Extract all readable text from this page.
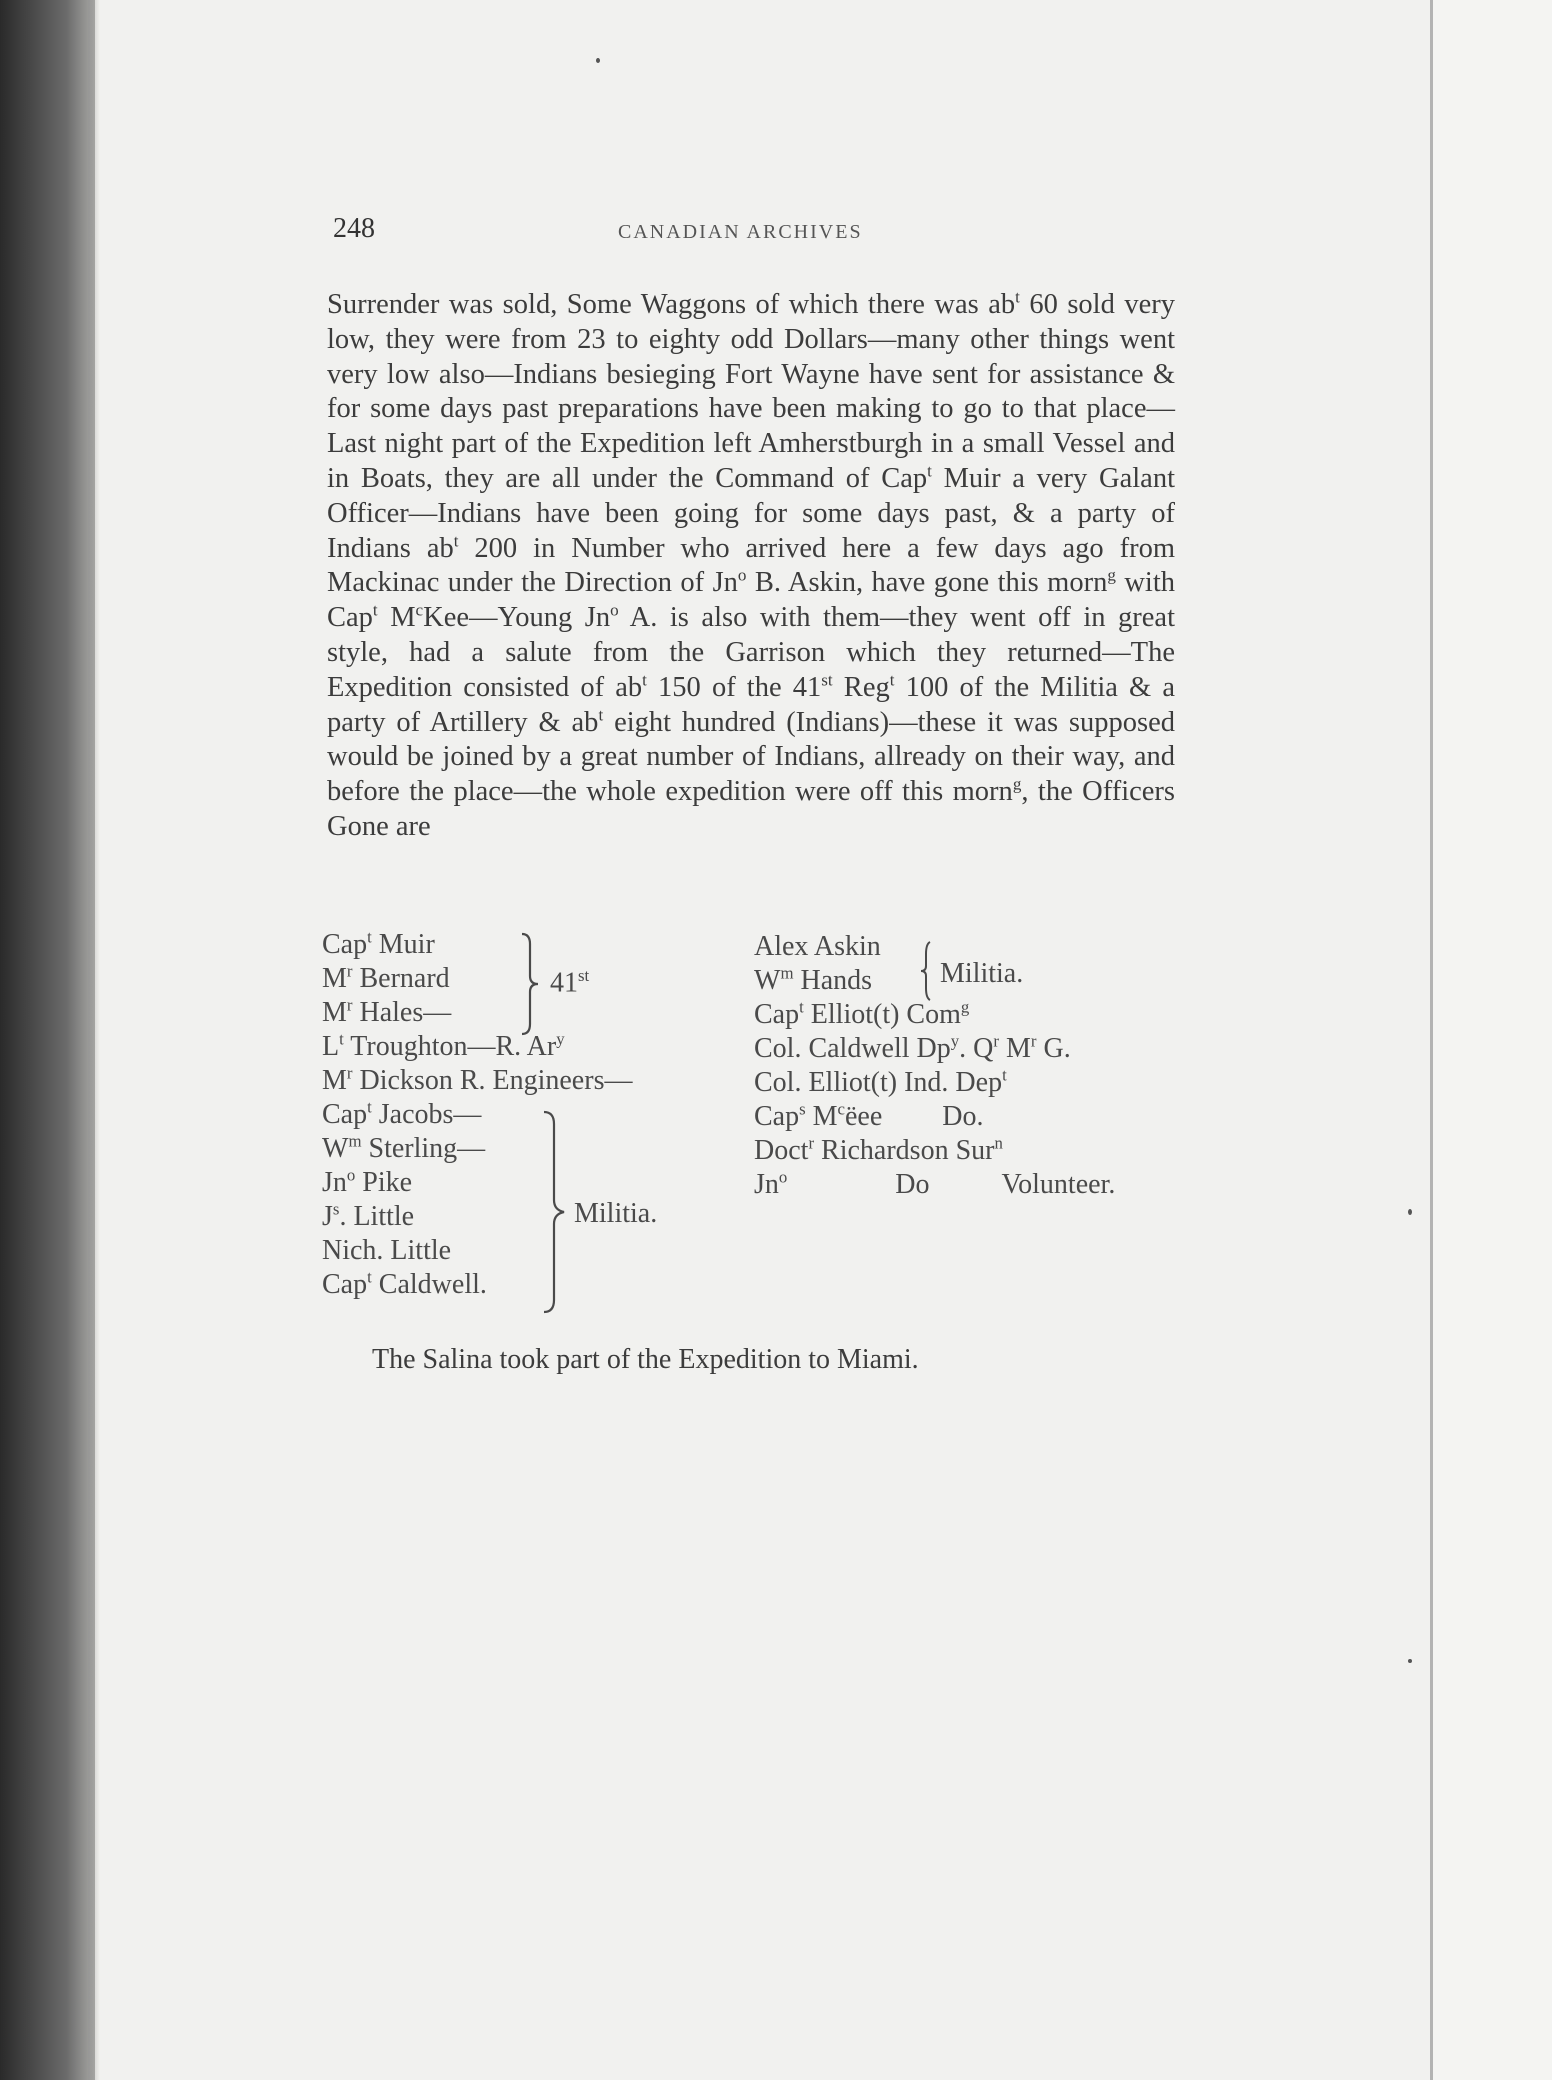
248	CANADIAN ARCHIVES
Surrender was sold, Some Waggons of which there was $ab^t$ 60 sold very low, they were from 23 to eighty odd Dollars—many other things went very low also—Indians besieging Fort Wayne have sent for assistance & for some days past preparations have been making to go to that place—Last night part of the Expedition left Amherstburgh in a small Vessel and in Boats, they are all under the Command of Cap$^t$ Muir a very Galant Officer—Indians have been going for some days past, & a party of Indians $ab^t$ 200 in Number who arrived here a few days ago from Mackinac under the Direction of Jn$^o$ B. Askin, have gone this morn$^g$ with Cap$^t$ $M^cKee—Young$ Jn$^o$ A. is also with them—they went off in great style, had a salute from the Garrison which they returned—The Expedition consisted of $ab^t$ 150 of the 41st Reg$^t$ 100 of the Militia & a party of Artillery & $ab^t$ eight hundred (Indians)—these it was supposed would be joined by a great number of Indians, allready on their way, and before the place—the whole expedition were off this morn$^g$, the Officers Gone are
Cap$^t$ Muir
$M^r$ Bernard
$M^r$ Hales—
$L^t$ Troughton—R. Ar$^y$
$M^r$ Dickson R. Engineers—
Cap$^t$ Jacobs—
$W^m$ Sterling—
Jn$^o$ Pike
$J^s$. Little
Nich. Little
Cap$^t$ Caldwell.
41st
Militia.
Alex Askin
$W^m$ Hands
Cap$^t$ Elliot(t) Com$^g$
Col. Caldwell Dp$^y$. $Q^r$ $M^r$ G.
Col. Elliot(t) Ind. Dep$^t$
Cap$^s$ $M^cëee$ Do.
Doct$^r$ Richardson Sur$^n$
Jn$^o$	Do	Volunteer.
Militia.
The Salina took part of the Expedition to Miami.
